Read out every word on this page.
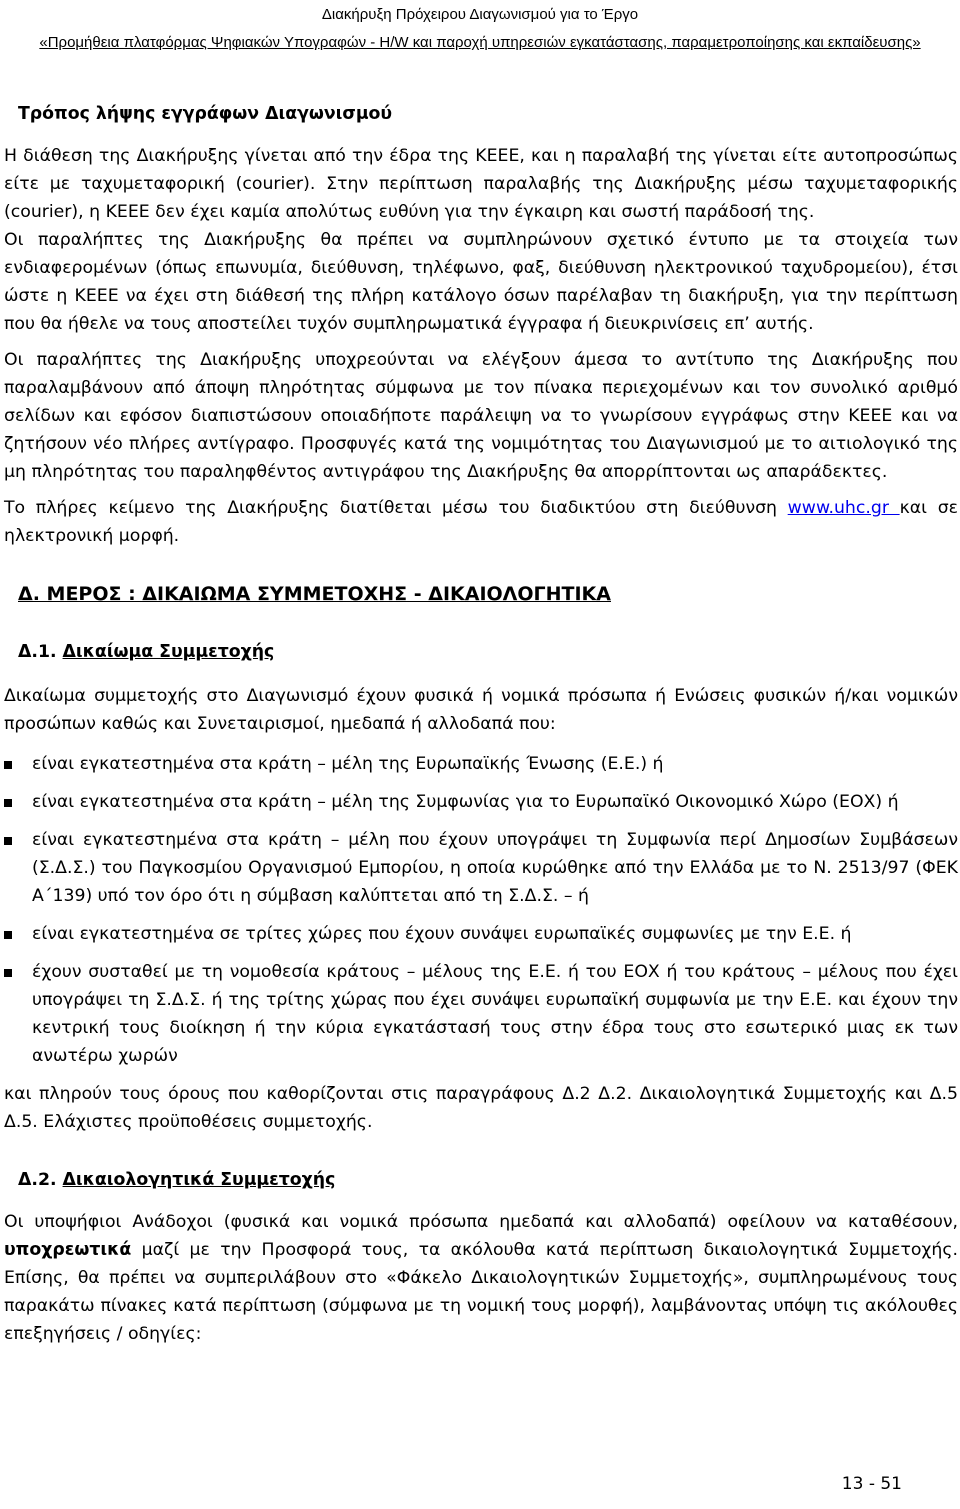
Διακήρυξη Πρόχειρου Διαγωνισμού για το Έργο
«Προμήθεια πλατφόρμας Ψηφιακών Υπογραφών - H/W και παροχή υπηρεσιών εγκατάστασης, παραμετροποίησης και εκπαίδευσης»

Τρόπος λήψης εγγράφων Διαγωνισμού

Η διάθεση της Διακήρυξης γίνεται από την έδρα της ΚΕΕΕ, και η παραλαβή της γίνεται είτε αυτοπροσώπως είτε με ταχυμεταφορική (courier). Στην περίπτωση παραλαβής της Διακήρυξης μέσω ταχυμεταφορικής (courier), η ΚΕΕΕ δεν έχει καμία απολύτως ευθύνη για την έγκαιρη και σωστή παράδοσή της.

Οι παραλήπτες της Διακήρυξης θα πρέπει να συμπληρώνουν σχετικό έντυπο με τα στοιχεία των ενδιαφερομένων (όπως επωνυμία, διεύθυνση, τηλέφωνο, φαξ, διεύθυνση ηλεκτρονικού ταχυδρομείου), έτσι ώστε η ΚΕΕΕ να έχει στη διάθεσή της πλήρη κατάλογο όσων παρέλαβαν τη διακήρυξη, για την περίπτωση που θα ήθελε να τους αποστείλει τυχόν συμπληρωματικά έγγραφα ή διευκρινίσεις επ’ αυτής.

Οι παραλήπτες της Διακήρυξης υποχρεούνται να ελέγξουν άμεσα το αντίτυπο της Διακήρυξης που παραλαμβάνουν από άποψη πληρότητας σύμφωνα με τον πίνακα περιεχομένων και τον συνολικό αριθμό σελίδων και εφόσον διαπιστώσουν οποιαδήποτε παράλειψη να το γνωρίσουν εγγράφως στην ΚΕΕΕ και να ζητήσουν νέο πλήρες αντίγραφο. Προσφυγές κατά της νομιμότητας του Διαγωνισμού με το αιτιολογικό της μη πληρότητας του παραληφθέντος αντιγράφου της Διακήρυξης θα απορρίπτονται ως απαράδεκτες.

Το πλήρες κείμενο της Διακήρυξης διατίθεται μέσω του διαδικτύου στη διεύθυνση www.uhc.gr και σε ηλεκτρονική μορφή.

Δ. ΜΕΡΟΣ : ΔΙΚΑΙΩΜΑ ΣΥΜΜΕΤΟΧΗΣ - ΔΙΚΑΙΟΛΟΓΗΤΙΚΑ

Δ.1. Δικαίωμα Συμμετοχής

Δικαίωμα συμμετοχής στο Διαγωνισμό έχουν φυσικά ή νομικά πρόσωπα ή Ενώσεις φυσικών ή/και νομικών προσώπων καθώς και Συνεταιρισμοί, ημεδαπά ή αλλοδαπά που:

είναι εγκατεστημένα στα κράτη – μέλη της Ευρωπαϊκής Ένωσης (Ε.Ε.) ή
είναι εγκατεστημένα στα κράτη – μέλη της Συμφωνίας για το Ευρωπαϊκό Οικονομικό Χώρο (ΕΟΧ) ή
είναι εγκατεστημένα στα κράτη – μέλη που έχουν υπογράψει τη Συμφωνία περί Δημοσίων Συμβάσεων (Σ.Δ.Σ.) του Παγκοσμίου Οργανισμού Εμπορίου, η οποία κυρώθηκε από την Ελλάδα με το Ν. 2513/97 (ΦΕΚ Α΄139) υπό τον όρο ότι η σύμβαση καλύπτεται από τη Σ.Δ.Σ. – ή
είναι εγκατεστημένα σε τρίτες χώρες που έχουν συνάψει ευρωπαϊκές συμφωνίες με την Ε.Ε. ή
έχουν συσταθεί με τη νομοθεσία κράτους – μέλους της Ε.Ε. ή του ΕΟΧ ή του κράτους – μέλους που έχει υπογράψει τη Σ.Δ.Σ. ή της τρίτης χώρας που έχει συνάψει ευρωπαϊκή συμφωνία με την Ε.Ε. και έχουν την κεντρική τους διοίκηση ή την κύρια εγκατάστασή τους στην έδρα τους στο εσωτερικό μιας εκ των ανωτέρω χωρών

και πληρούν τους όρους που καθορίζονται στις παραγράφους Δ.2 Δ.2. Δικαιολογητικά Συμμετοχής και Δ.5 Δ.5. Ελάχιστες προϋποθέσεις συμμετοχής.

Δ.2. Δικαιολογητικά Συμμετοχής

Οι υποψήφιοι Ανάδοχοι (φυσικά και νομικά πρόσωπα ημεδαπά και αλλοδαπά) οφείλουν να καταθέσουν, υποχρεωτικά μαζί με την Προσφορά τους, τα ακόλουθα κατά περίπτωση δικαιολογητικά Συμμετοχής. Επίσης, θα πρέπει να συμπεριλάβουν στο «Φάκελο Δικαιολογητικών Συμμετοχής», συμπληρωμένους τους παρακάτω πίνακες κατά περίπτωση (σύμφωνα με τη νομική τους μορφή), λαμβάνοντας υπόψη τις ακόλουθες επεξηγήσεις / οδηγίες:

13 - 51
